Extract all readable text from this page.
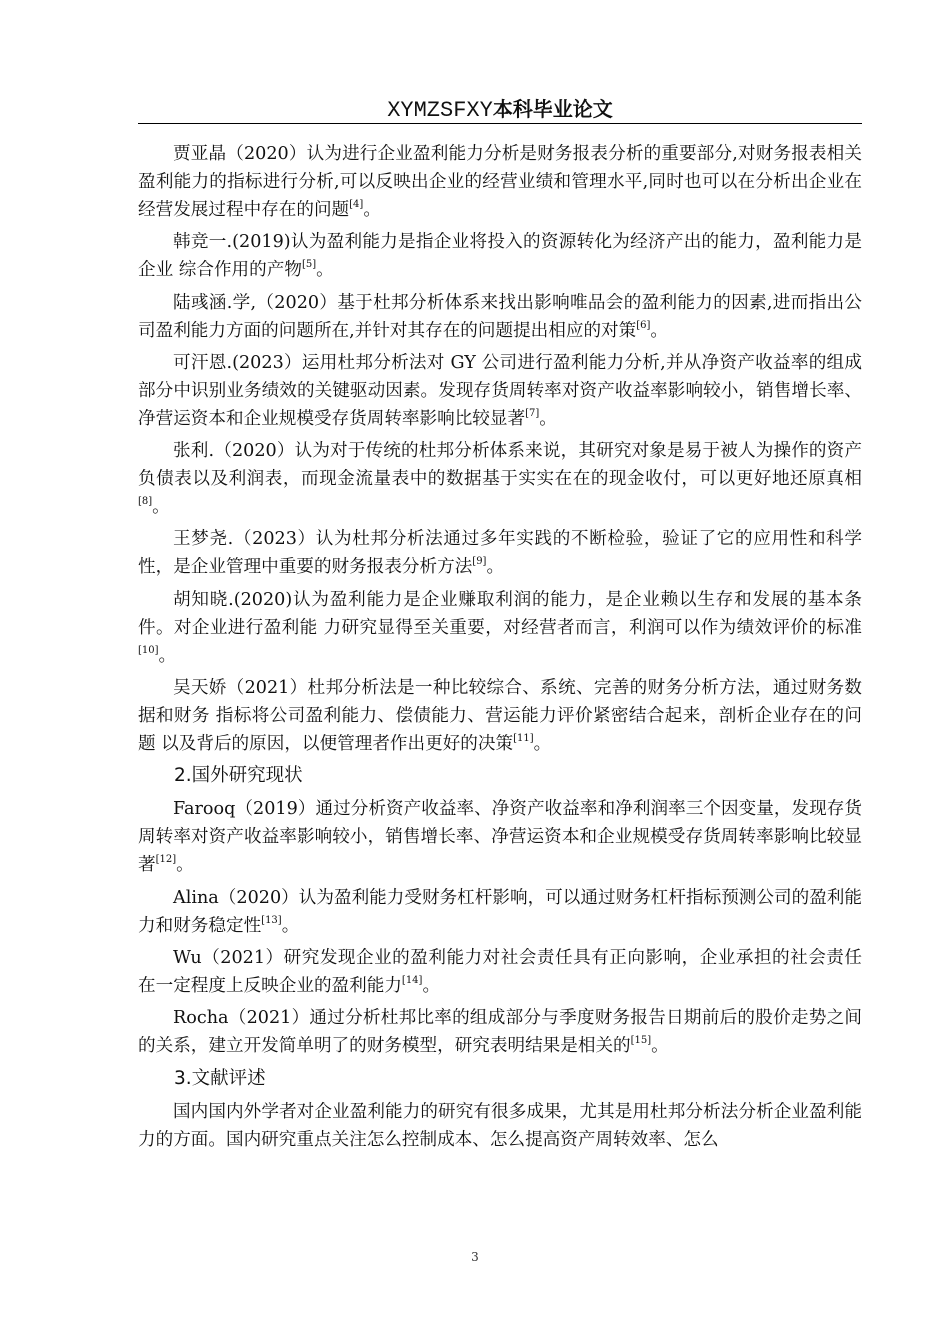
XYMZSFXY本科毕业论文

贾亚晶（2020）认为进行企业盈利能力分析是财务报表分析的重要部分,对财务报表相关盈利能力的指标进行分析,可以反映出企业的经营业绩和管理水平,同时也可以在分析出企业在经营发展过程中存在的问题[4]。

韩竞一.(2019)认为盈利能力是指企业将投入的资源转化为经济产出的能力，盈利能力是企业 综合作用的产物[5]。

陆彧涵.学,（2020）基于杜邦分析体系来找出影响唯品会的盈利能力的因素,进而指出公司盈利能力方面的问题所在,并针对其存在的问题提出相应的对策[6]。

可汗恩.(2023）运用杜邦分析法对 GY 公司进行盈利能力分析,并从净资产收益率的组成部分中识别业务绩效的关键驱动因素。发现存货周转率对资产收益率影响较小，销售增长率、净营运资本和企业规模受存货周转率影响比较显著[7]。

张利.（2020）认为对于传统的杜邦分析体系来说，其研究对象是易于被人为操作的资产负债表以及利润表，而现金流量表中的数据基于实实在在的现金收付，可以更好地还原真相[8]。

王梦尧.（2023）认为杜邦分析法通过多年实践的不断检验，验证了它的应用性和科学性，是企业管理中重要的财务报表分析方法[9]。

胡知晓.(2020)认为盈利能力是企业赚取利润的能力，是企业赖以生存和发展的基本条件。对企业进行盈利能 力研究显得至关重要，对经营者而言，利润可以作为绩效评价的标准[10]。

吴天娇（2021）杜邦分析法是一种比较综合、系统、完善的财务分析方法，通过财务数据和财务 指标将公司盈利能力、偿债能力、营运能力评价紧密结合起来，剖析企业存在的问题 以及背后的原因，以便管理者作出更好的决策[11]。

2.国外研究现状

Farooq（2019）通过分析资产收益率、净资产收益率和净利润率三个因变量，发现存货周转率对资产收益率影响较小，销售增长率、净营运资本和企业规模受存货周转率影响比较显著[12]。

Alina（2020）认为盈利能力受财务杠杆影响，可以通过财务杠杆指标预测公司的盈利能力和财务稳定性[13]。

Wu（2021）研究发现企业的盈利能力对社会责任具有正向影响，企业承担的社会责任在一定程度上反映企业的盈利能力[14]。

Rocha（2021）通过分析杜邦比率的组成部分与季度财务报告日期前后的股价走势之间的关系，建立开发简单明了的财务模型，研究表明结果是相关的[15]。

3.文献评述

国内国内外学者对企业盈利能力的研究有很多成果，尤其是用杜邦分析法分析企业盈利能力的方面。国内研究重点关注怎么控制成本、怎么提高资产周转效率、怎么

3
